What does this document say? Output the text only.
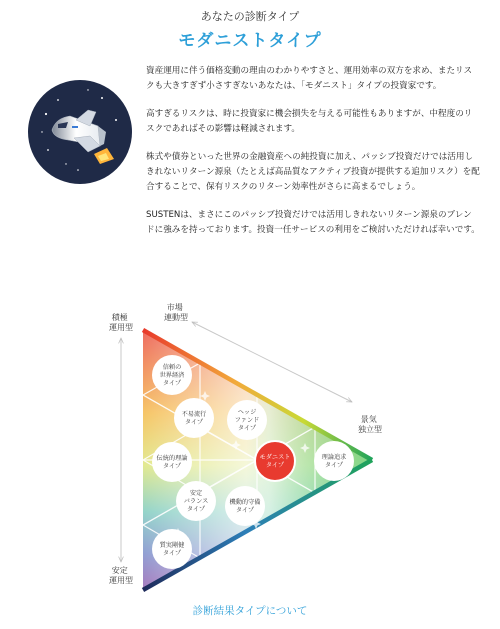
あなたの診断タイプ
モダニストタイプ

資産運用に伴う価格変動の理由のわかりやすさと、運用効率の双方を求め、またリスクも大きすぎず小さすぎないあなたは、「モダニスト」タイプの投資家です。

高すぎるリスクは、時に投資家に機会損失を与える可能性もありますが、中程度のリスクであればその影響は軽減されます。

株式や債券といった世界の金融資産への純投資に加え、パッシブ投資だけでは活用しきれないリターン源泉（たとえば高品質なアクティブ投資が提供する追加リスク）を配合することで、保有リスクのリターン効率性がさらに高まるでしょう。

SUSTENは、まさにこのパッシブ投資だけでは活用しきれないリターン源泉のブレンドに強みを持っております。投資一任サービスの利用をご検討いただければ幸いです。

市場 連動型
積極 運用型
景気 独立型
安定 運用型
信頼の世界経済タイプ
不易流行タイプ
ヘッジファンドタイプ
伝統的理論タイプ
モダニストタイプ
理論追求タイプ
安定バランスタイプ
機動的守備タイプ
質実剛健タイプ
診断結果タイプについて
